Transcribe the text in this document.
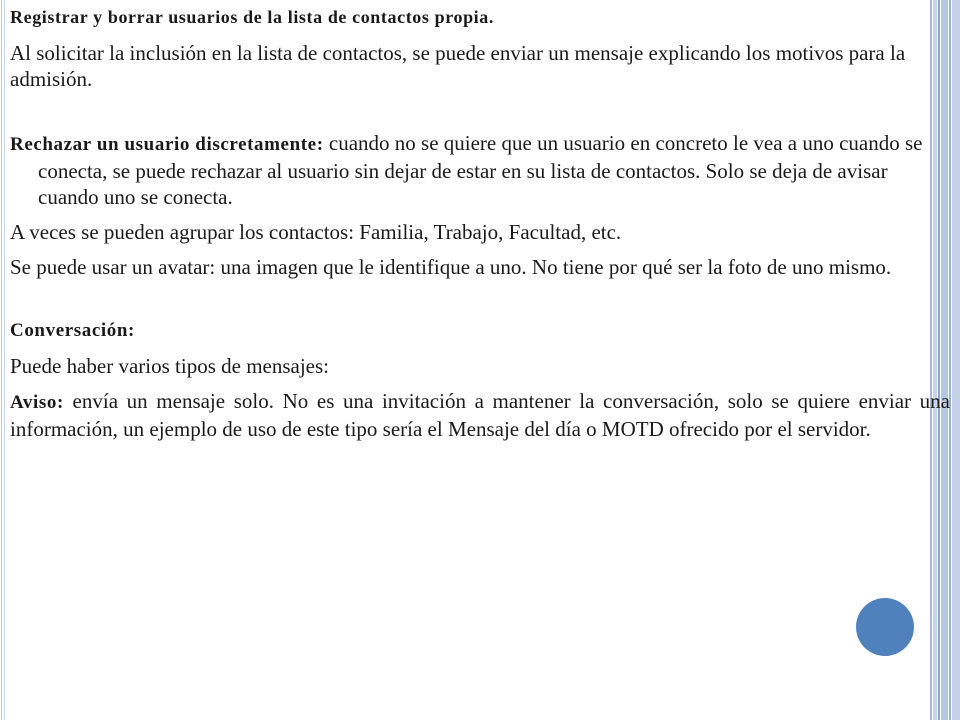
Registrar y borrar usuarios de la lista de contactos propia.

Al solicitar la inclusión en la lista de contactos, se puede enviar un mensaje explicando los motivos para la admisión.

Rechazar un usuario discretamente: cuando no se quiere que un usuario en concreto le vea a uno cuando se conecta, se puede rechazar al usuario sin dejar de estar en su lista de contactos. Solo se deja de avisar cuando uno se conecta.

A veces se pueden agrupar los contactos: Familia, Trabajo, Facultad, etc.

Se puede usar un avatar: una imagen que le identifique a uno. No tiene por qué ser la foto de uno mismo.

Conversación:

Puede haber varios tipos de mensajes:

Aviso: envía un mensaje solo. No es una invitación a mantener la conversación, solo se quiere enviar una información, un ejemplo de uso de este tipo sería el Mensaje del día o MOTD ofrecido por el servidor.
